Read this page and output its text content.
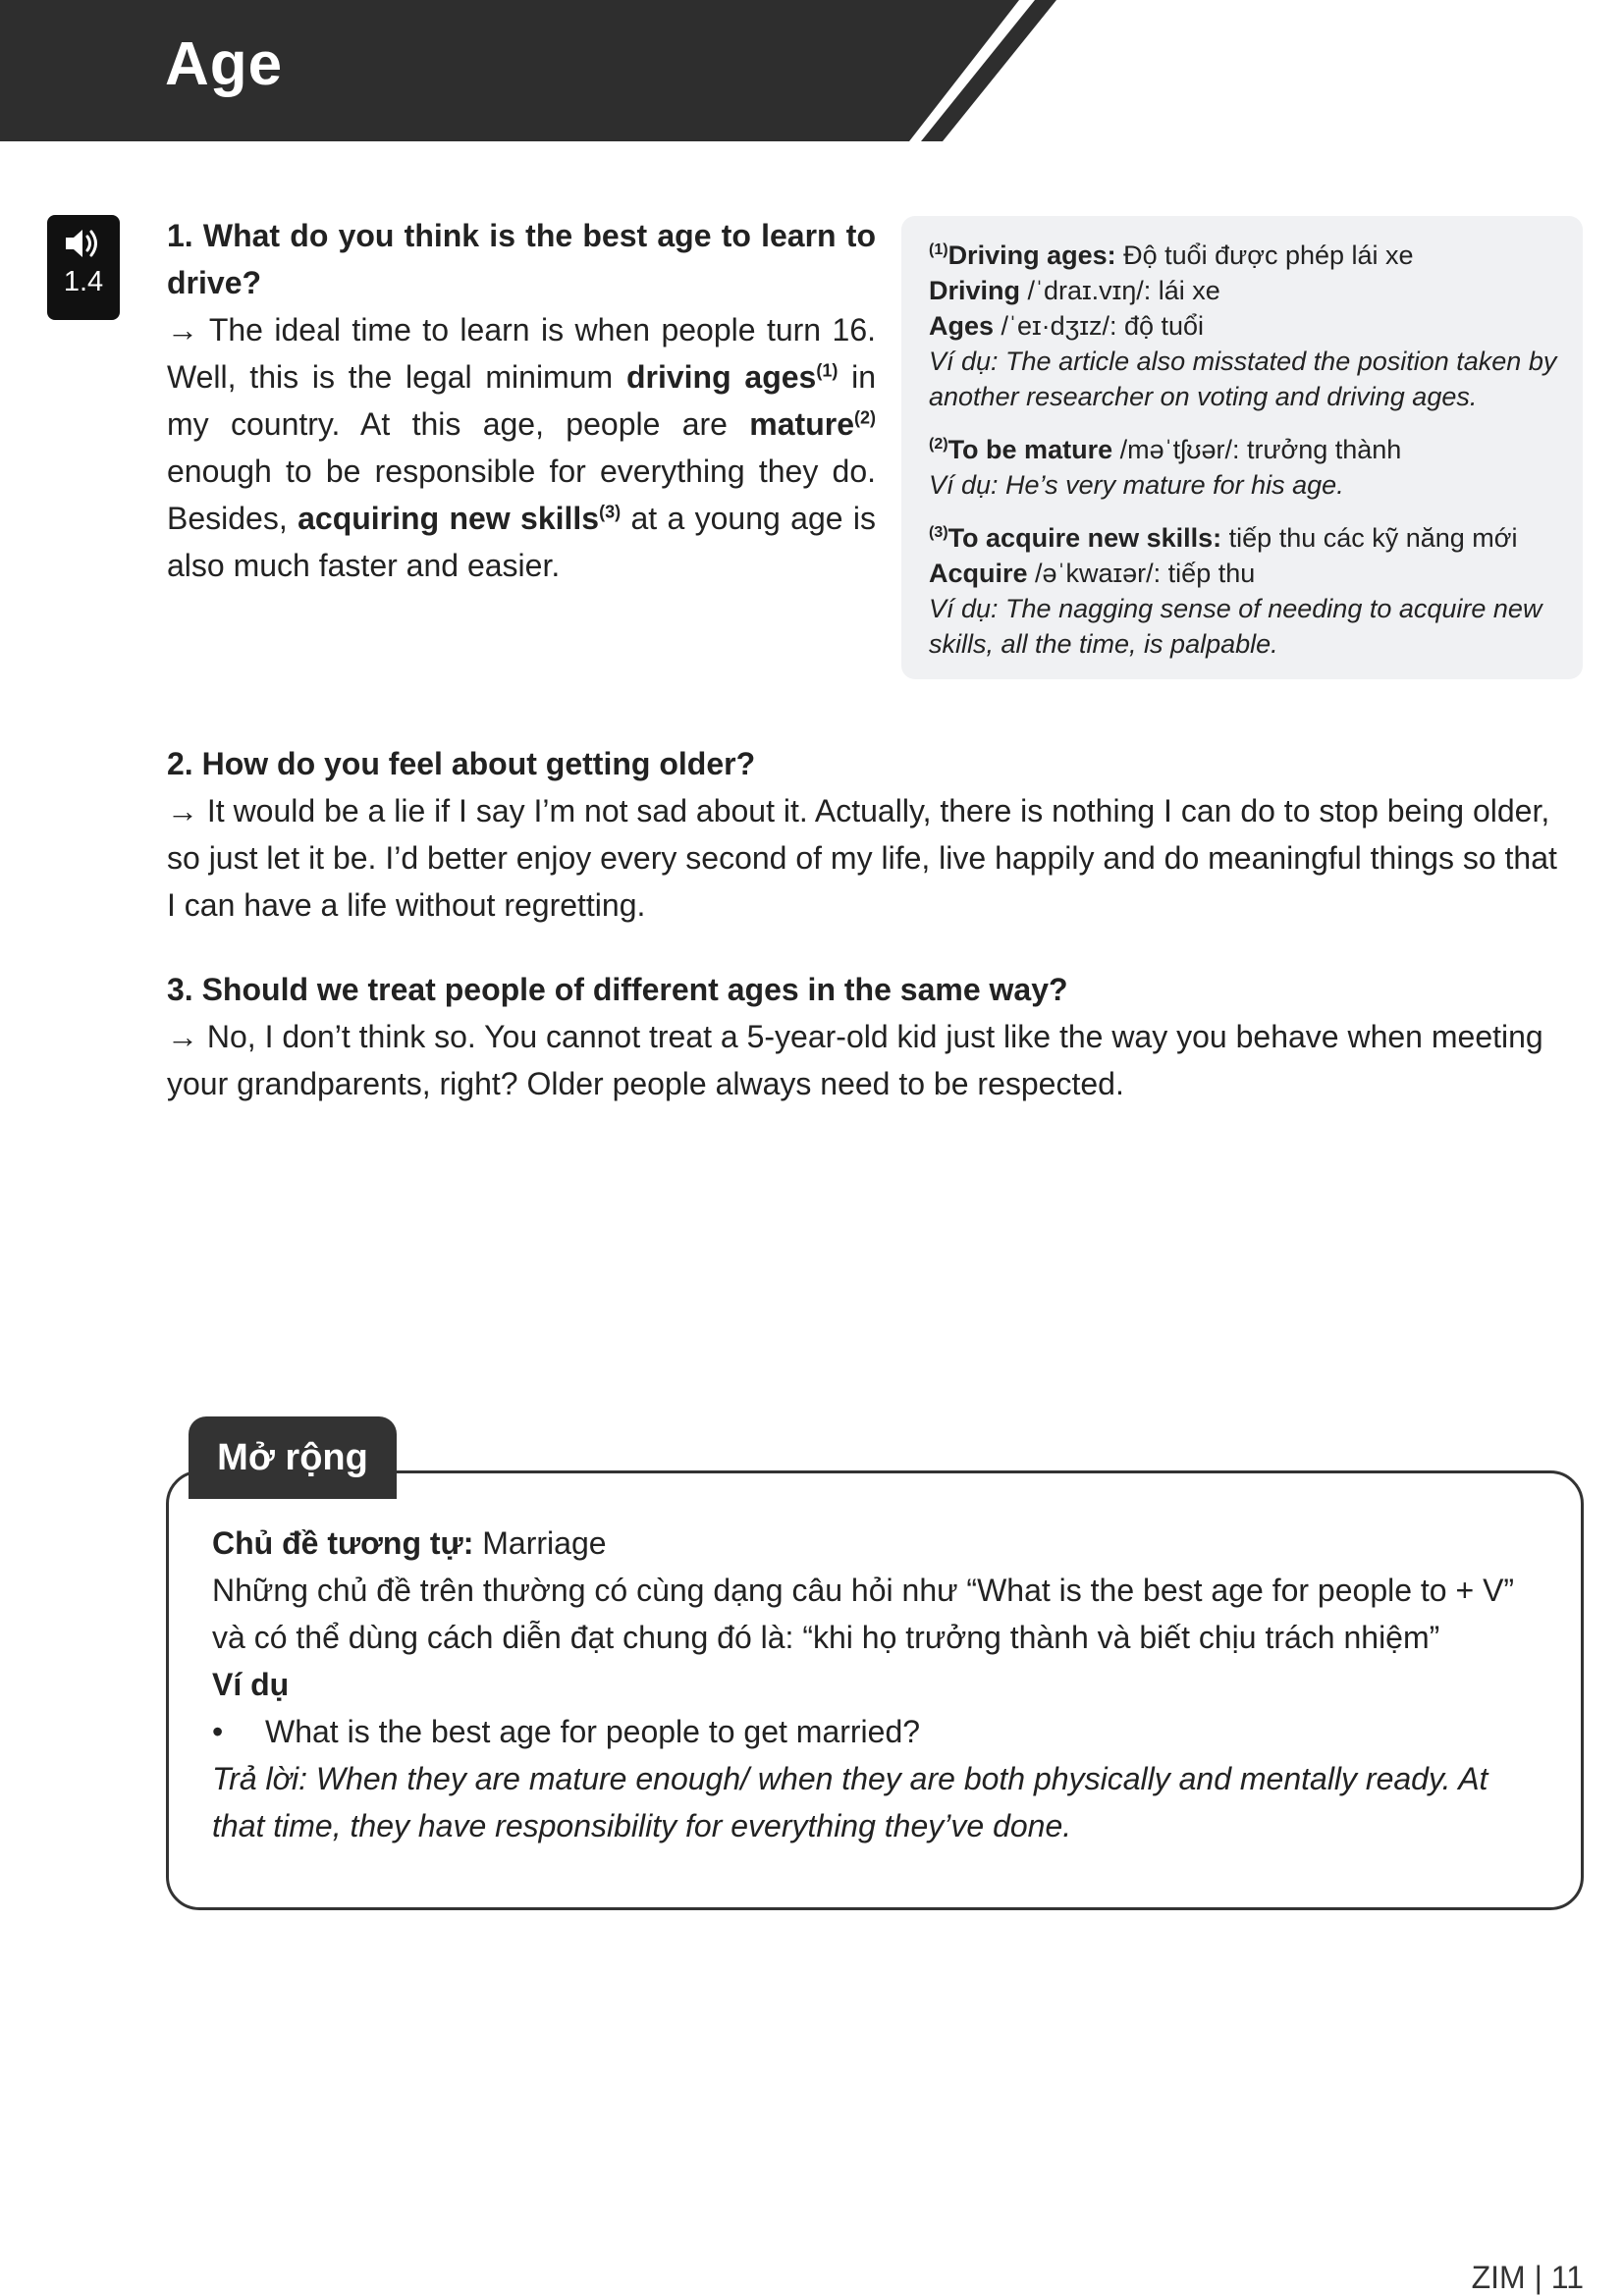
Age
1.4

1. What do you think is the best age to learn to drive?
→ The ideal time to learn is when people turn 16. Well, this is the legal minimum driving ages$^{(1)}$ in my country. At this age, people are mature$^{(2)}$ enough to be responsible for everything they do. Besides, acquiring new skills$^{(3)}$ at a young age is also much faster and easier.

$^{(1)}$Driving ages: Độ tuổi được phép lái xe

Driving /ˈdraɪ.vɪŋ/: lái xe

Ages /ˈeɪ·dʒɪz/: độ tuổi

Ví dụ: The article also misstated the position taken by another researcher on voting and driving ages.

$^{(2)}$To be mature /məˈtʃʊər/: trưởng thành

Ví dụ: He’s very mature for his age.

$^{(3)}$To acquire new skills: tiếp thu các kỹ năng mới

Acquire /əˈkwaɪər/: tiếp thu

Ví dụ: The nagging sense of needing to acquire new skills, all the time, is palpable.

2. How do you feel about getting older?
→ It would be a lie if I say I’m not sad about it. Actually, there is nothing I can do to stop being older, so just let it be. I’d better enjoy every second of my life, live happily and do meaningful things so that I can have a life without regretting.
3. Should we treat people of different ages in the same way?
→ No, I don’t think so. You cannot treat a 5-year-old kid just like the way you behave when meeting your grandparents, right? Older people always need to be respected.
Mở rộng

Chủ đề tương tự: Marriage

Những chủ đề trên thường có cùng dạng câu hỏi như “What is the best age for people to + V” và có thể dùng cách diễn đạt chung đó là: “khi họ trưởng thành và biết chịu trách nhiệm”

Ví dụ

•	What is the best age for people to get married?

Trả lời: When they are mature enough/ when they are both physically and mentally ready. At that time, they have responsibility for everything they’ve done.

ZIM | 11
